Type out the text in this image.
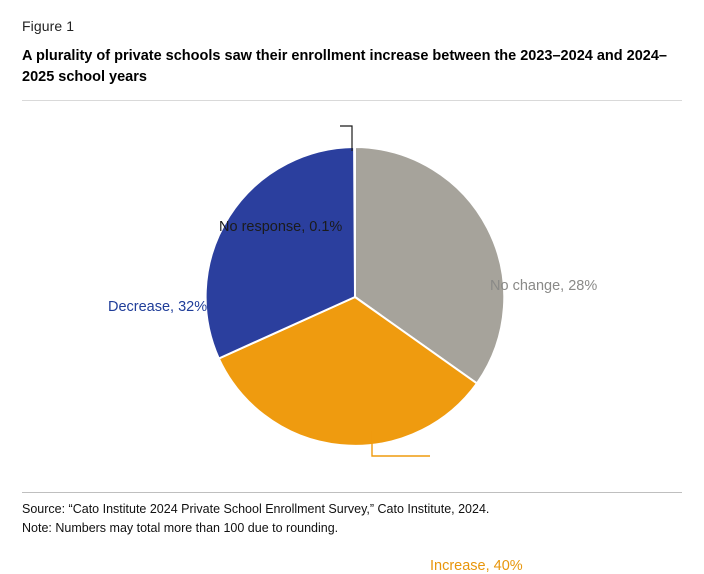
Figure 1
A plurality of private schools saw their enrollment increase between the 2023–2024 and 2024–2025 school years
No response, 0.1%
No change, 28%
Decrease, 32%
Increase, 40%
Source: “Cato Institute 2024 Private School Enrollment Survey,” Cato Institute, 2024.
Note: Numbers may total more than 100 due to rounding.
